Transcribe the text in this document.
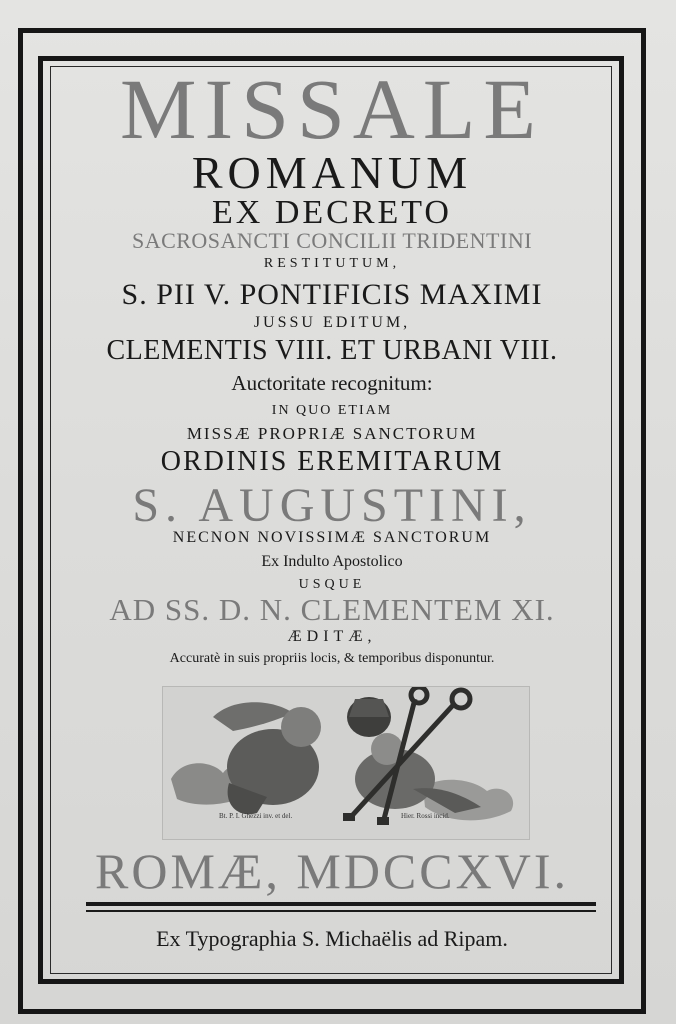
MISSALE
ROMANUM
EX DECRETO
SACROSANCTI CONCILII TRIDENTINI
RESTITUTUM,
S. PII V. PONTIFICIS MAXIMI
JUSSU EDITUM,
CLEMENTIS VIII. ET URBANI VIII.
Auctoritate recognitum:
IN QUO ETIAM
MISSÆ PROPRIÆ SANCTORUM
ORDINIS EREMITARUM
S. AUGUSTINI,
NECNON NOVISSIMÆ SANCTORUM
Ex Indulto Apostolico
USQUE
AD SS. D. N. CLEMENTEM XI.
ÆDITÆ,
Accuratè in suis propriis locis, & temporibus disponuntur.
Bt. P. I. Ghezzi inv. et del.	Hier. Rossi incid.
ROMÆ, MDCCXVI.
Ex Typographia S. Michaëlis ad Ripam.
